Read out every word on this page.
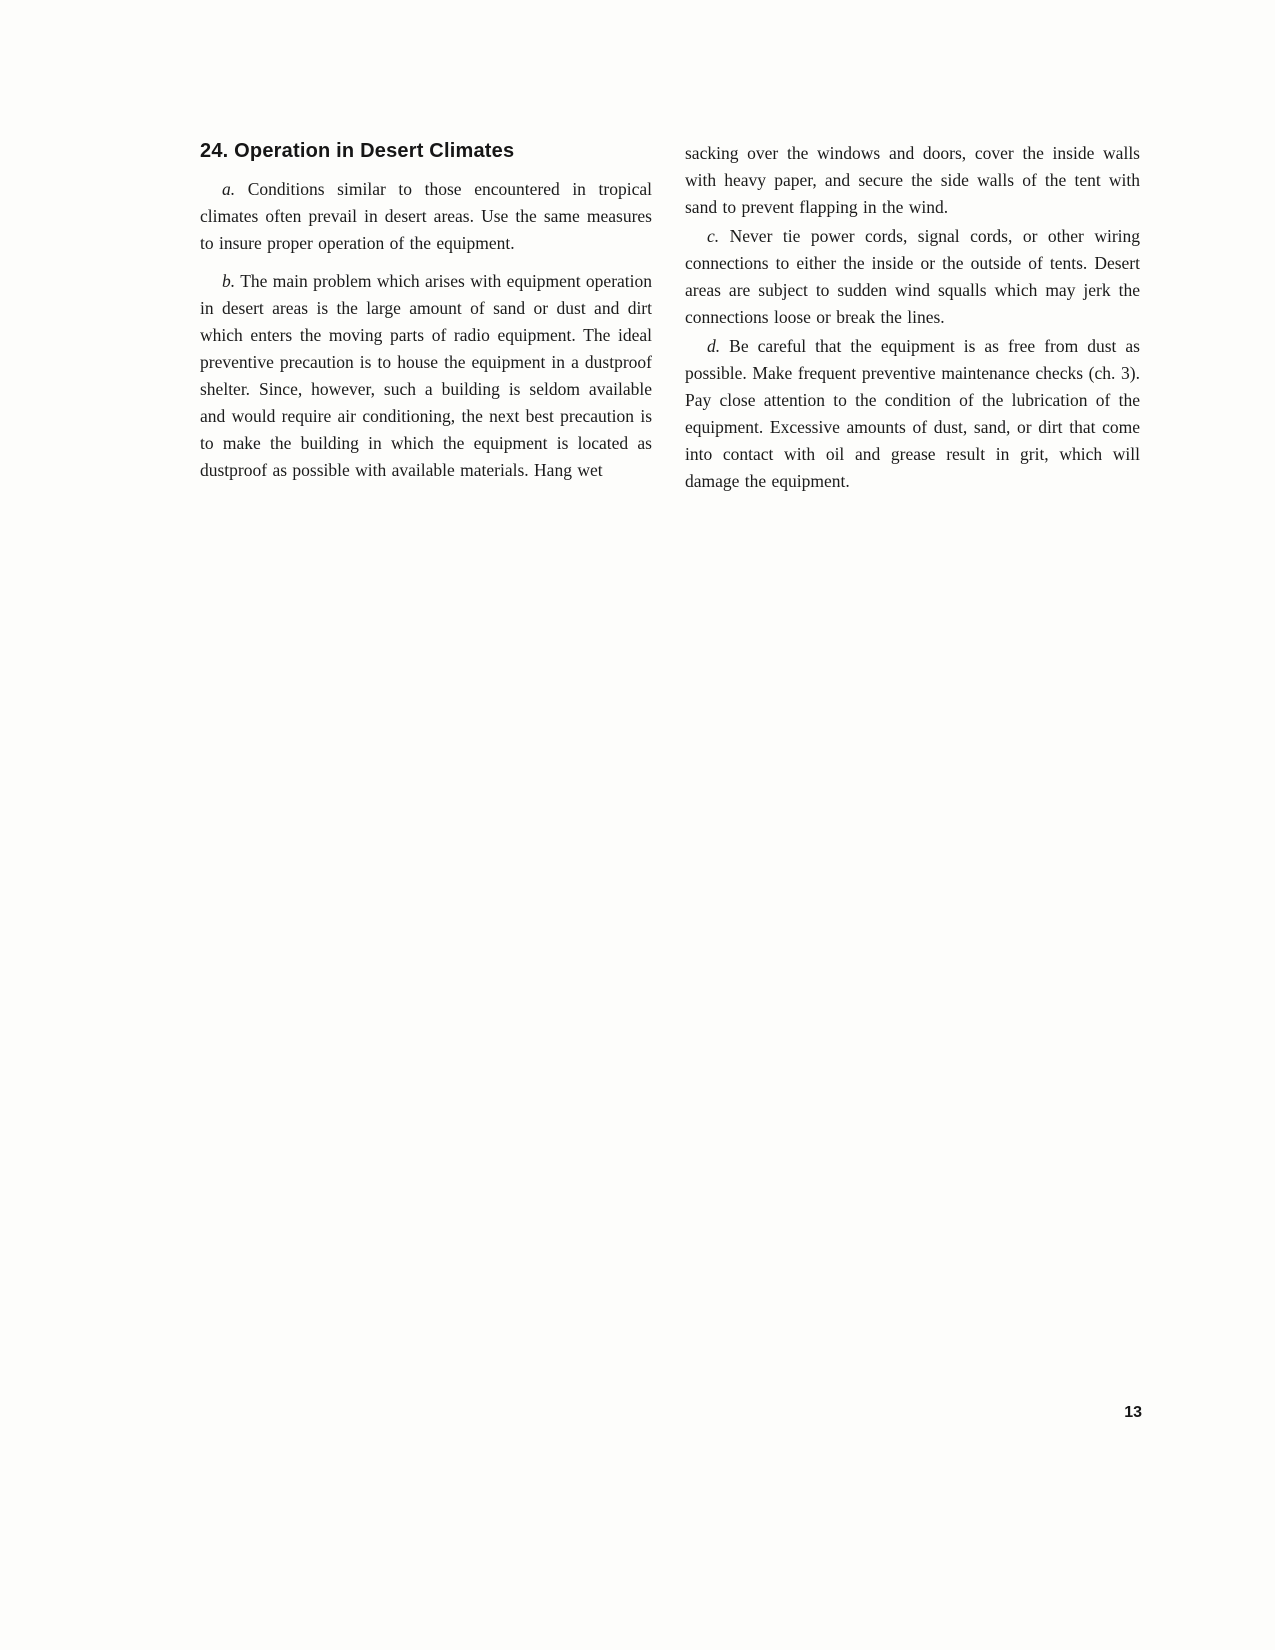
24. Operation in Desert Climates

a. Conditions similar to those encountered in tropical climates often prevail in desert areas. Use the same measures to insure proper operation of the equipment.

b. The main problem which arises with equipment operation in desert areas is the large amount of sand or dust and dirt which enters the moving parts of radio equipment. The ideal preventive precaution is to house the equipment in a dustproof shelter. Since, however, such a building is seldom available and would require air conditioning, the next best precaution is to make the building in which the equipment is located as dustproof as possible with available materials. Hang wet

sacking over the windows and doors, cover the inside walls with heavy paper, and secure the side walls of the tent with sand to prevent flapping in the wind.

c. Never tie power cords, signal cords, or other wiring connections to either the inside or the outside of tents. Desert areas are subject to sudden wind squalls which may jerk the connections loose or break the lines.

d. Be careful that the equipment is as free from dust as possible. Make frequent preventive maintenance checks (ch. 3). Pay close attention to the condition of the lubrication of the equipment. Excessive amounts of dust, sand, or dirt that come into contact with oil and grease result in grit, which will damage the equipment.

13
